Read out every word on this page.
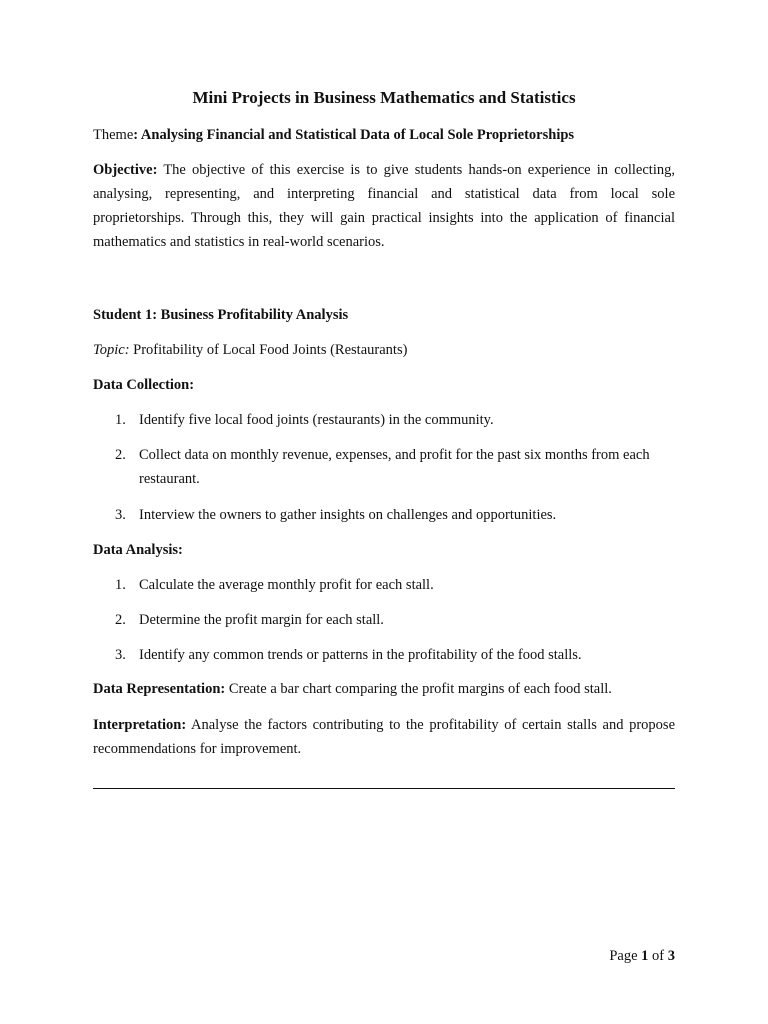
Mini Projects in Business Mathematics and Statistics

Theme: Analysing Financial and Statistical Data of Local Sole Proprietorships

Objective: The objective of this exercise is to give students hands-on experience in collecting, analysing, representing, and interpreting financial and statistical data from local sole proprietorships. Through this, they will gain practical insights into the application of financial mathematics and statistics in real-world scenarios.

Student 1: Business Profitability Analysis

Topic: Profitability of Local Food Joints (Restaurants)

Data Collection:

1. Identify five local food joints (restaurants) in the community.
2. Collect data on monthly revenue, expenses, and profit for the past six months from each restaurant.
3. Interview the owners to gather insights on challenges and opportunities.

Data Analysis:

1. Calculate the average monthly profit for each stall.
2. Determine the profit margin for each stall.
3. Identify any common trends or patterns in the profitability of the food stalls.

Data Representation: Create a bar chart comparing the profit margins of each food stall.

Interpretation: Analyse the factors contributing to the profitability of certain stalls and propose recommendations for improvement.

Page 1 of 3
